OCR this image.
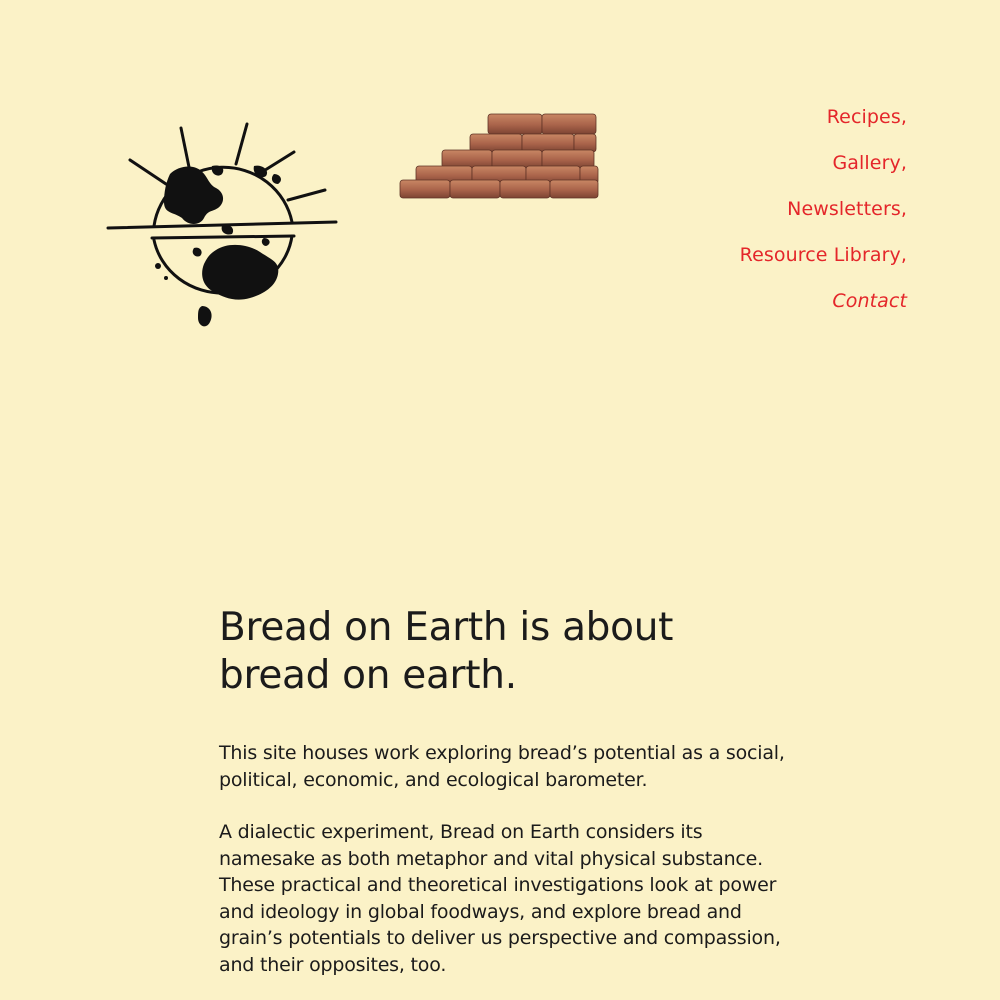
Recipes,
Gallery,
Newsletters,
Resource Library,
Contact
Bread on Earth is about
bread on earth.

This site houses work exploring bread’s potential as a social, political, economic, and ecological barometer.

A dialectic experiment, Bread on Earth considers its namesake as both metaphor and vital physical substance. These practical and theoretical investigations look at power and ideology in global foodways, and explore bread and grain’s potentials to deliver us perspective and compassion, and their opposites, too.
